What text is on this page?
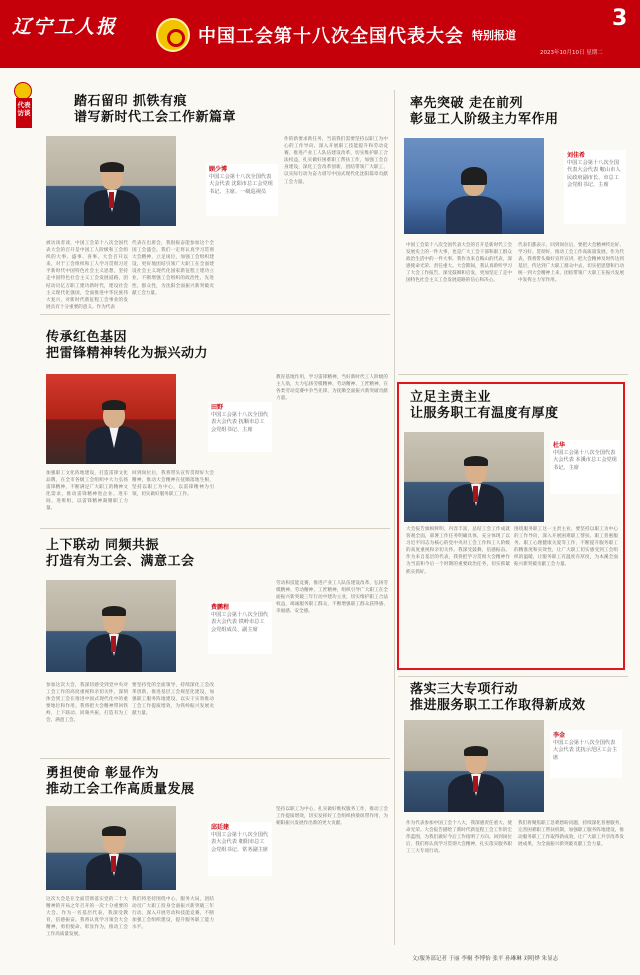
辽宁工人报	中国工会第十八次全国代表大会 特别报道
3
2023年10月10日 星期二
代表访谈
踏石留印 抓铁有痕
谱写新时代工会工作新篇章
顾少博
中国工会第十八次全国代表大会代表 沈阳市总工会党组书记、主席、一级巡视员
被访谈者谈，中国工会第十八次全国代表大会的召开是中国工人阶级和工会组织的大事、盛事、喜事。大会召开以来，对于工会组织和工人学习贯彻习近平新时代中国特色社会主义思想，坚持走中国特色社会主义工会发展道路，团结动员亿万职工建功新时代，建设社会主义现代化强国，全面推进中华民族伟大复兴，对新时代新征程工会事业的发展具有十分重要的意义。作为代表
代表在出席会，我很振奋能参加这个全国工会盛会。我们一定将认真学习贯彻大会精神，立足岗位，加强工会组织建设，更好地团结引领广大职工在全面建设社会主义现代化国家新征程上建功立业，不断增强工会组织的政治性、先进性、群众性，为沈阳全面振兴新突破贡献工会力量。
作的新要求新任务，当前我们需要坚持以职工为中心的工作导向，深入开展职工技能提升和劳动竞赛，推进产业工人队伍建设改革，切实维护职工合法权益，扎实做好困难职工帮扶工作，加强工会自身建设，深化工会改革创新，团结带领广大职工，以实际行动为奋力谱写中国式现代化沈阳篇章贡献工会力量。
率先突破 走在前列
彰显工人阶级主力军作用
刘佳希
中国工会第十八次全国代表大会代表 鞍山市人民政府副市长、市总工会党组书记、主席
中国工会第十八次全国代表大会的召开是新时代工会发展史上的一件大事，也是广大工会干部和职工群众政治生活中的一件大事。我作为来自鞍山的代表，深感使命光荣、责任重大。大会期间，我认真聆听学习了大会工作报告，深受鼓舞和启发，更加坚定了走中国特色社会主义工会发展道路的信心和决心。
代表们都表示，回到岗位后，要把大会精神传达好、学习好、贯彻好，推动工会工作高质量发展。作为代表，我将带头做好宣传宣讲，把大会精神及时传达到基层，传达到广大职工群众中去，切实把思想和行动统一到大会精神上来，团结带领广大职工在振兴发展中发挥主力军作用。
传承红色基因
把雷锋精神转化为振兴动力
田野
中国工会第十八次全国代表大会代表 抚顺市总工会党组书记、主席
加强职工文化阵地建设，打造雷锋文化品牌，在全市各级工会组织中大力弘扬雷锋精神，不断满足广大职工的精神文化需求，推动雷锋精神进企业、进车间、进班组，以雷锋精神凝聚职工力量。
回到岗位后，我将带头宣传贯彻好大会精神，推动大会精神在抚顺落地生根，坚持以职工为中心，以雷锋精神为引领，切实做好服务职工工作。
教育基地作用，学习雷锋精神，当好新时代工人阶级的主人翁，大力弘扬劳模精神、劳动精神、工匠精神，在各类劳动竞赛中争当先锋，为抚顺全面振兴新突破贡献力量。	立足主责主业
让服务职工有温度有厚度
杜华
中国工会第十八次全国代表大会代表 本溪市总工会党组书记、主席
大会报告旗帜鲜明、内容丰富，总结工会工作成就客观全面，部署工作任务明确具体，充分体现了以习近平同志为核心的党中央对工会工作和工人阶级的高度重视和亲切关怀。我深受鼓舞，倍感振奋。作为来自基层的代表，我将把学习贯彻大会精神作为当前和今后一个时期的重要政治任务，切实抓紧抓实抓好。
围绕服务职工这一主责主业，要坚持以职工为中心的工作导向，深入开展困难职工帮扶、职工普惠服务、职工心理健康关爱等工作，不断提升服务职工的精准度和实效性，让广大职工切实感受到工会组织的温暖，让服务职工有温度有厚度，为本溪全面振兴新突破贡献工会力量。
上下联动 同频共振
打造有为工会、满意工会
费鹏程
中国工会第十八次全国代表大会代表 铁岭市总工会党组成员、副主席
参加这次大会，我深切感受到党中央对工会工作的高度重视和亲切关怀，深刻体会到工会在推进中国式现代化中的重要地位和作用。我将把大会精神带回铁岭，上下联动、同频共振，打造有为工会、满意工会。
要坚持党的全面领导，持续深化工会改革创新，推进基层工会规范化建设，加强职工服务阵地建设，以实干实效推动工会工作提质增效，为铁岭振兴发展贡献力量。
劳动和技能竞赛，推进产业工人队伍建设改革，弘扬劳模精神、劳动精神、工匠精神，组织引导广大职工在全面振兴新突破三年行动中建功立业，切实维护职工合法权益，竭诚服务职工群众，不断增强职工群众获得感、幸福感、安全感。
落实三大专项行动
推进服务职工工作取得新成效
李金
中国工会第十八次全国代表大会代表 沈抚示范区工会主席
作为代表参加中国工会十八大，我深感责任重大、使命光荣。大会报告描绘了新时代新征程工会工作的宏伟蓝图，为我们做好今后工作指明了方向。回到岗位后，我们将认真学习贯彻大会精神，扎实落实服务职工三大专项行动。
我们将聚焦职工急难愁盼问题，持续深化普惠服务，完善困难职工帮扶机制，加强职工服务阵地建设，推动服务职工工作取得新成效，让广大职工共享改革发展成果，为全面振兴新突破贡献工会力量。
勇担使命 彰显作为
推动工会工作高质量发展
邱廷建
中国工会第十八次全国代表大会代表 朝阳市总工会党组书记、常务副主席
这次大会是在全面贯彻落实党的二十大精神的开局之年召开的一次十分重要的大会。作为一名基层代表，我深受教育，倍感振奋。我将认真学习领会大会精神，勇担使命、彰显作为，推动工会工作高质量发展。
我们将坚持围绕中心、服务大局，团结动员广大职工投身全面振兴新突破三年行动，深入开展劳动和技能竞赛，不断加强工会组织建设，提升服务职工能力水平。
坚持以职工为中心，扎实做好维权服务工作，推动工会工作提质增效，切实发挥好工会组织桥梁纽带作用，为朝阳振兴发展作出新的更大贡献。
文/服务部记者 于丽 李桐 李博怡 张平 孙琳琳 刘明烨 朱显志
